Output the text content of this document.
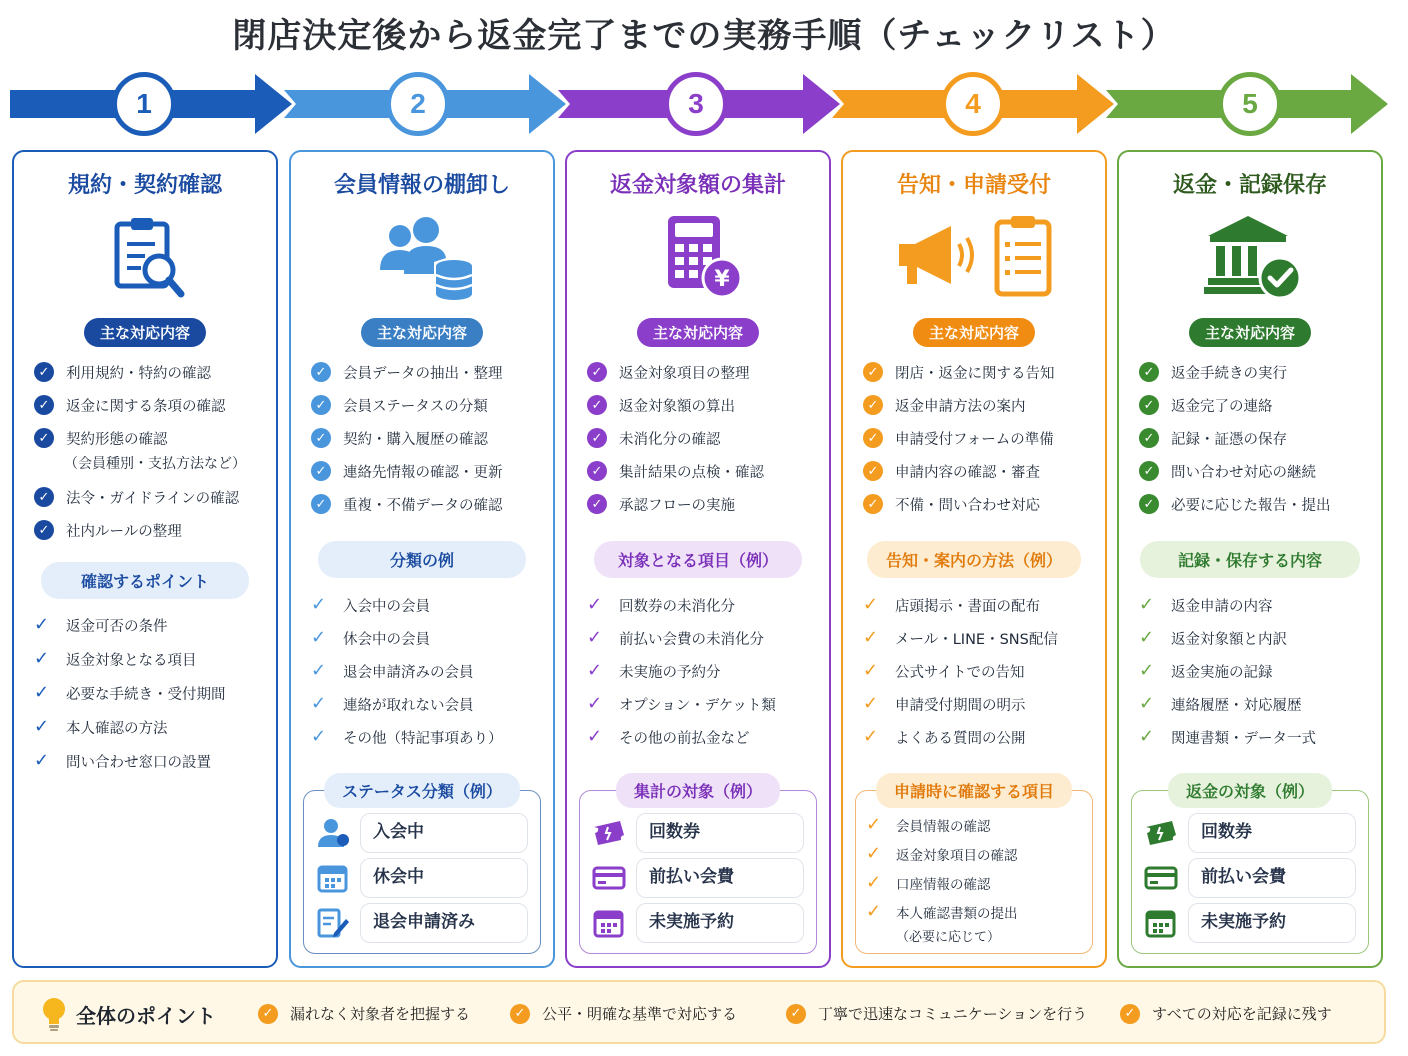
閉店決定後から返金完了までの実務手順（チェックリスト）
1	2	3	4	5
規約・契約確認
主な対応内容
✓	利用規約・特約の確認
✓	返金に関する条項の確認
✓	契約形態の確認
（会員種別・支払方法など）
✓	法令・ガイドラインの確認
✓	社内ルールの整理
確認するポイント
✓	返金可否の条件
✓	返金対象となる項目
✓	必要な手続き・受付期間
✓	本人確認の方法
✓	問い合わせ窓口の設置
会員情報の棚卸し
主な対応内容
✓	会員データの抽出・整理
✓	会員ステータスの分類
✓	契約・購入履歴の確認
✓	連絡先情報の確認・更新
✓	重複・不備データの確認
分類の例
✓	入会中の会員
✓	休会中の会員
✓	退会申請済みの会員
✓	連絡が取れない会員
✓	その他（特記事項あり）
ステータス分類（例）
入会中
休会中
退会申請済み
返金対象額の集計
¥
主な対応内容
✓	返金対象項目の整理
✓	返金対象額の算出
✓	未消化分の確認
✓	集計結果の点検・確認
✓	承認フローの実施
対象となる項目（例）
✓	回数券の未消化分
✓	前払い会費の未消化分
✓	未実施の予約分
✓	オプション・デケット類
✓	その他の前払金など
集計の対象（例）
回数券
前払い会費
未実施予約
告知・申請受付
主な対応内容
✓	閉店・返金に関する告知
✓	返金申請方法の案内
✓	申請受付フォームの準備
✓	申請内容の確認・審査
✓	不備・問い合わせ対応
告知・案内の方法（例）
✓	店頭掲示・書面の配布
✓	メール・LINE・SNS配信
✓	公式サイトでの告知
✓	申請受付期間の明示
✓	よくある質問の公開
申請時に確認する項目
✓	会員情報の確認
✓	返金対象項目の確認
✓	口座情報の確認
✓	本人確認書類の提出
（必要に応じて）
返金・記録保存
主な対応内容
✓	返金手続きの実行
✓	返金完了の連絡
✓	記録・証憑の保存
✓	問い合わせ対応の継続
✓	必要に応じた報告・提出
記録・保存する内容
✓	返金申請の内容
✓	返金対象額と内訳
✓	返金実施の記録
✓	連絡履歴・対応履歴
✓	関連書類・データ一式
返金の対象（例）
回数券
前払い会費
未実施予約
全体のポイント	✓	漏れなく対象者を把握する	✓	公平・明確な基準で対応する	✓	丁寧で迅速なコミュニケーションを行う	✓	すべての対応を記録に残す
